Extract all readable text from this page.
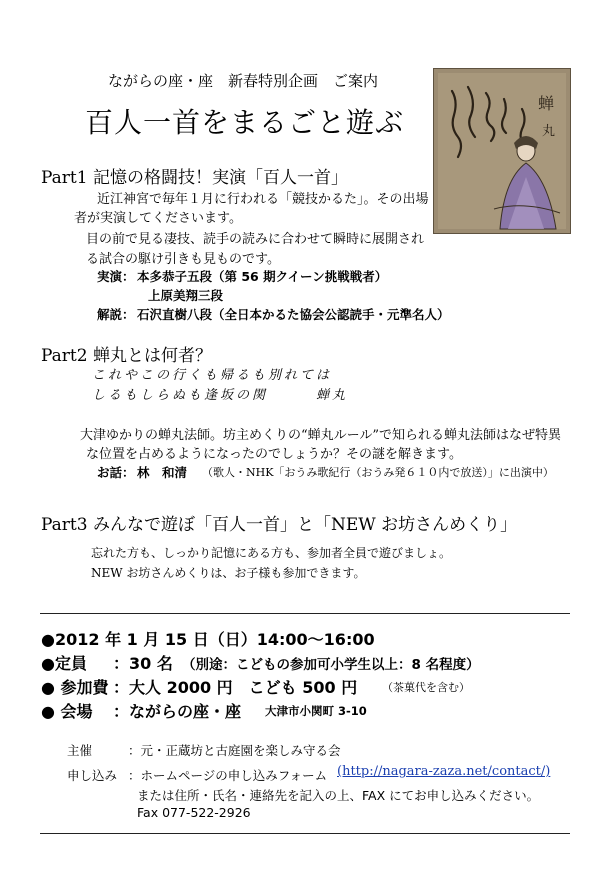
ながらの座・座　新春特別企画　ご案内
百人一首をまるごと遊ぶ
蝉
丸
Part1 記憶の格闘技！実演「百人一首」
近江神宮で毎年１月に行われる「競技かるた」。その出場
者が実演してくださいます。
目の前で見る凄技、読手の読みに合わせて瞬時に展開され
る試合の駆け引きも見ものです。
実演： 本多恭子五段（第 56 期クイーン挑戦戦者）
上原美翔三段
解説： 石沢直樹八段（全日本かるた協会公認読手・元準名人）
Part2 蝉丸とは何者？
これやこの行くも帰るも別れては
しるもしらぬも逢坂の関	蝉丸
大津ゆかりの蝉丸法師。坊主めくりの“蝉丸ルール”で知られる蝉丸法師はなぜ特異
な位置を占めるようになったのでしょうか？その謎を解きます。
お話： 林　和清 （歌人・NHK「おうみ歌紀行（おうみ発６１０内で放送）」に出演中）
Part3 みんなで遊ぼ「百人一首」と「NEW お坊さんめくり」
忘れた方も、しっかり記憶にある方も、参加者全員で遊びましょ。
NEW お坊さんめくりは、お子様も参加できます。
●2012 年 1 月 15 日（日）14:00～16:00
●定員 ：30 名 （別途：こどもの参加可小学生以上：8 名程度）
● 参加費 ：大人 2000 円　こども 500 円 （茶菓代を含む）
● 会場 ：ながらの座・座 大津市小関町 3-10
主催	：元・正蔵坊と古庭園を楽しみ守る会
申し込み ：ホームページの申し込みフォーム (http://nagara-zaza.net/contact/)
または住所・氏名・連絡先を記入の上、FAX にてお申し込みください。
Fax 077-522-2926
